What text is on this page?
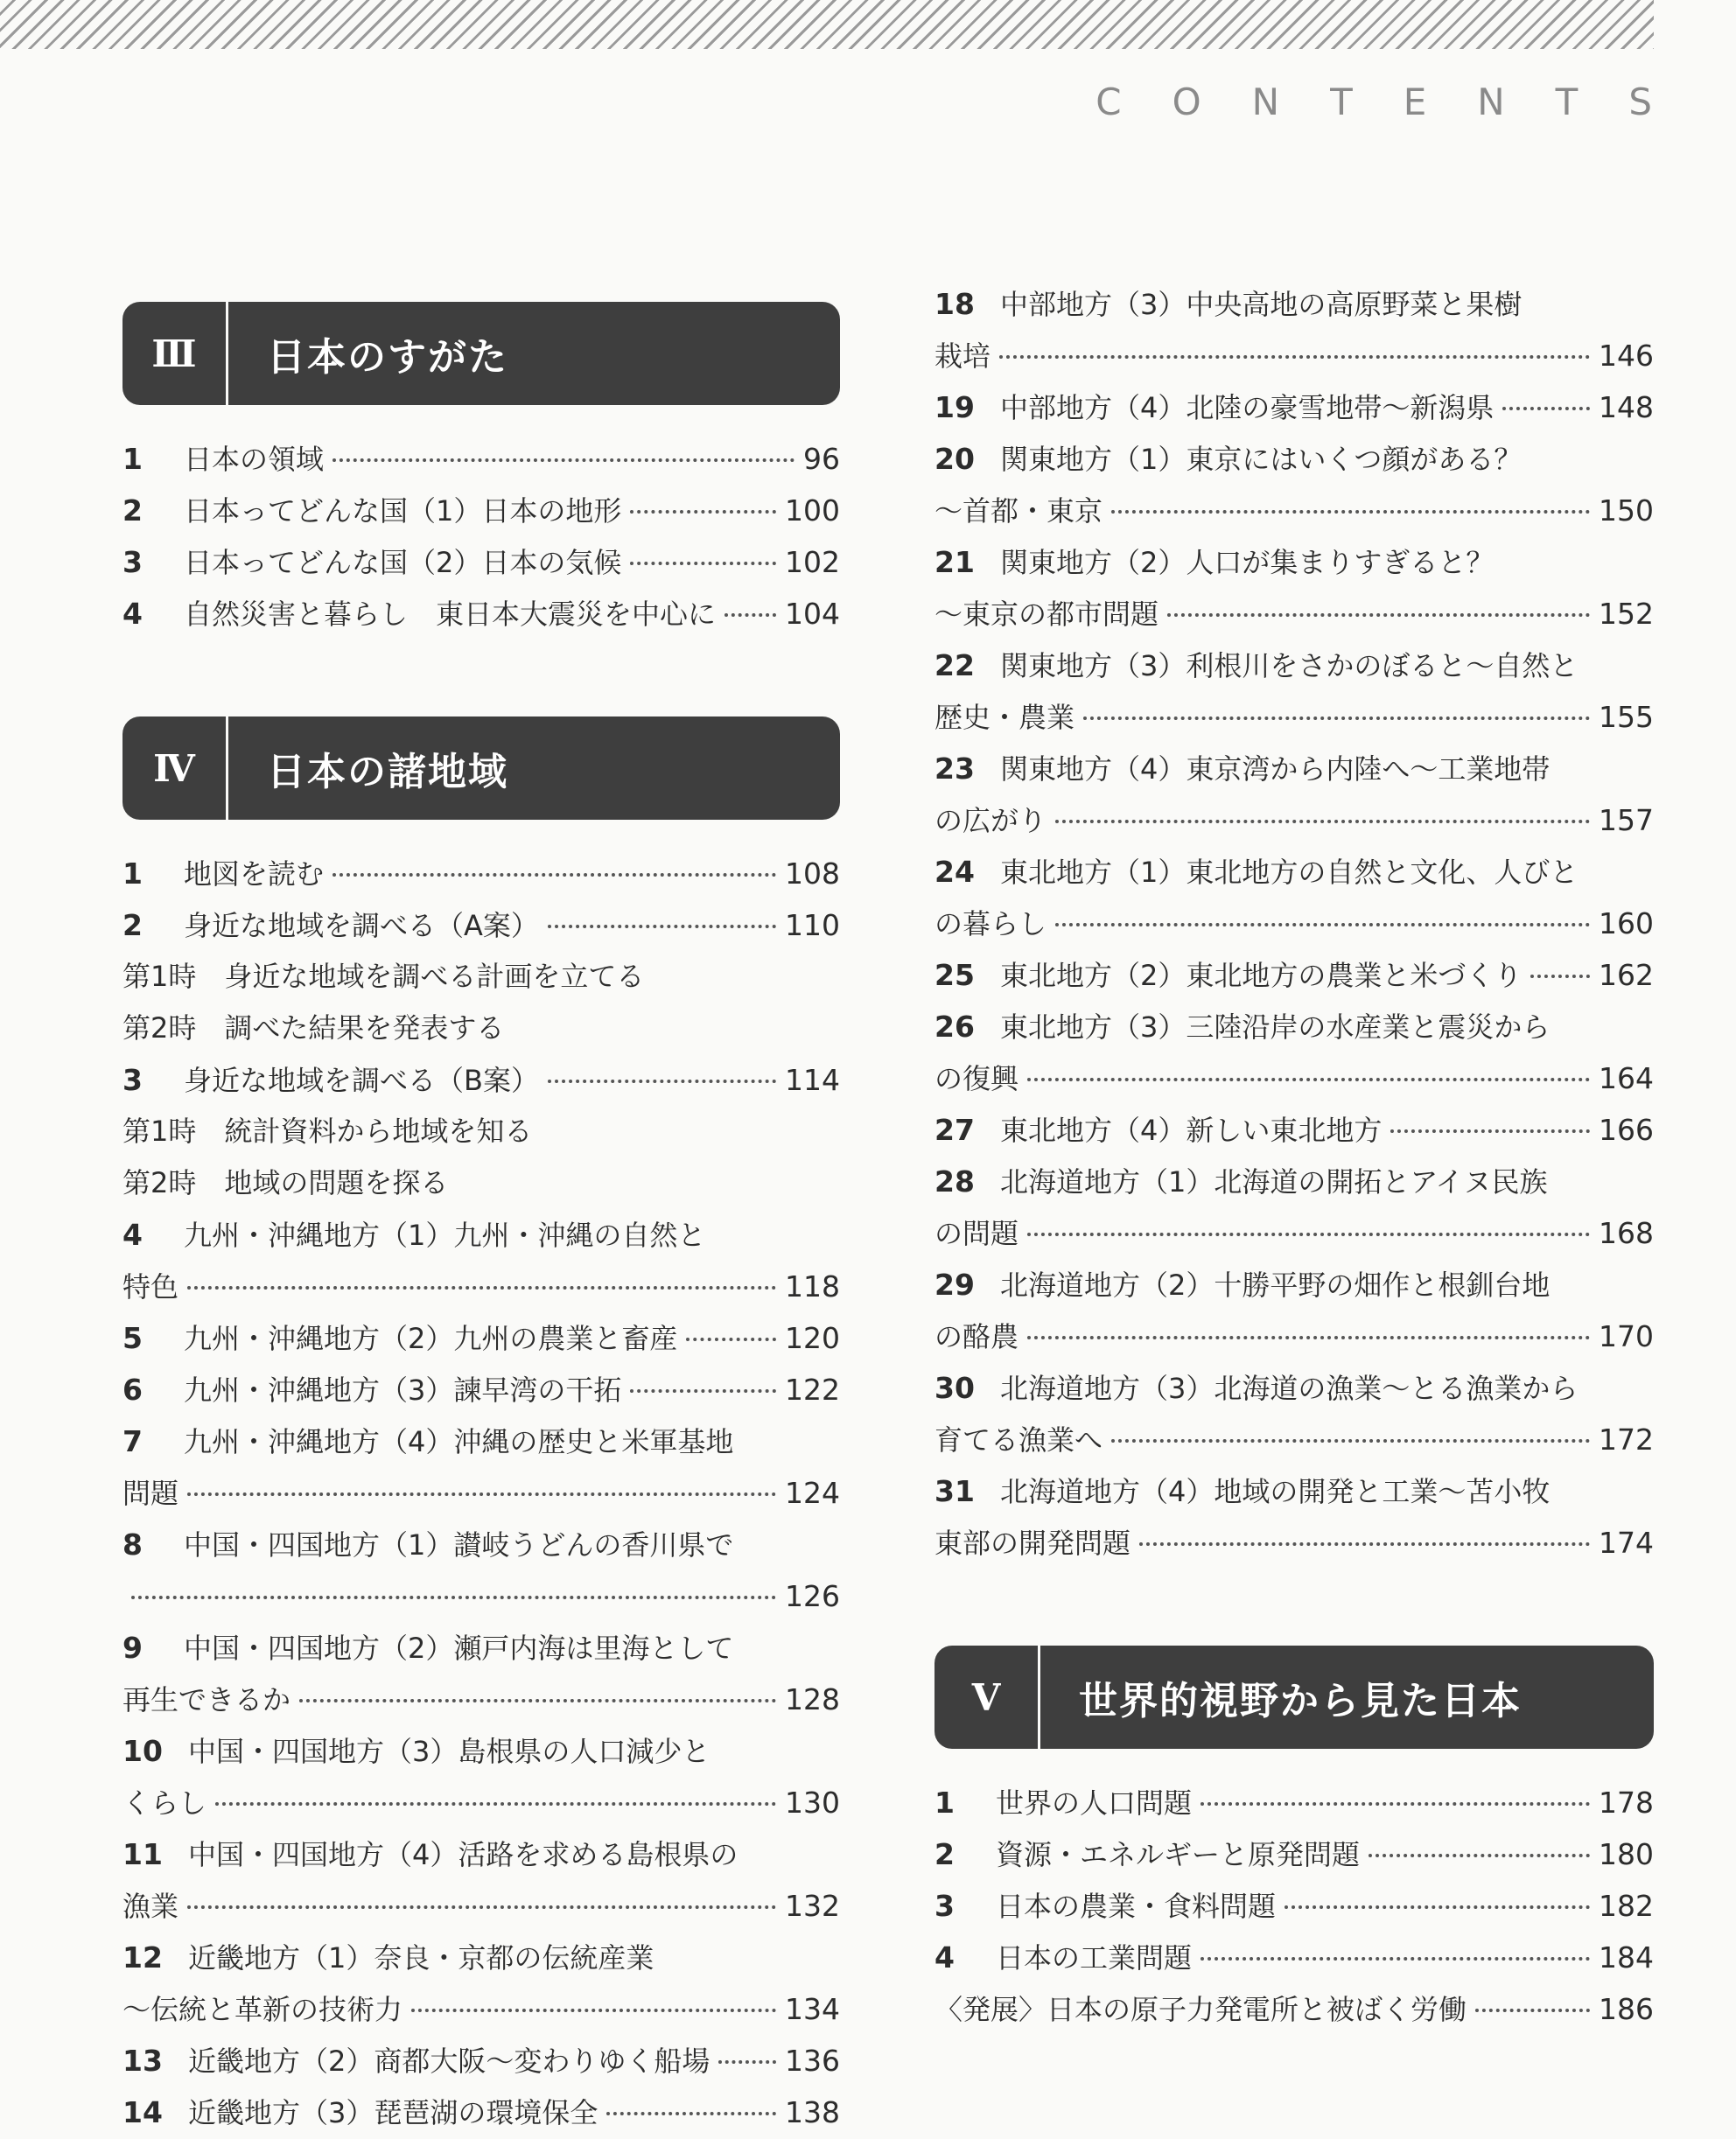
CONTENTS
Ⅲ	日本のすがた
1	日本の領域	96
2	日本ってどんな国（1）日本の地形	100
3	日本ってどんな国（2）日本の気候	102
4	自然災害と暮らし　東日本大震災を中心に 104
Ⅳ	日本の諸地域
1	地図を読む	108
2	身近な地域を調べる（A案）	110
第1時　身近な地域を調べる計画を立てる
第2時　調べた結果を発表する
3	身近な地域を調べる（B案）	114
第1時　統計資料から地域を知る
第2時　地域の問題を探る
4	九州・沖縄地方（1）九州・沖縄の自然と
特色	118
5	九州・沖縄地方（2）九州の農業と畜産	120
6	九州・沖縄地方（3）諫早湾の干拓	122
7	九州・沖縄地方（4）沖縄の歴史と米軍基地
問題	124
8	中国・四国地方（1）讃岐うどんの香川県で
126
9	中国・四国地方（2）瀬戸内海は里海として
再生できるか	128
10 中国・四国地方（3）島根県の人口減少と
くらし	130
11 中国・四国地方（4）活路を求める島根県の
漁業	132
12 近畿地方（1）奈良・京都の伝統産業
〜伝統と革新の技術力	134
13 近畿地方（2）商都大阪〜変わりゆく船場	136
14 近畿地方（3）琵琶湖の環境保全	138
18 中部地方（3）中央高地の高原野菜と果樹
栽培	146
19 中部地方（4）北陸の豪雪地帯〜新潟県	148
20 関東地方（1）東京にはいくつ顔がある？
〜首都・東京	150
21 関東地方（2）人口が集まりすぎると？
〜東京の都市問題	152
22 関東地方（3）利根川をさかのぼると〜自然と
歴史・農業	155
23 関東地方（4）東京湾から内陸へ〜工業地帯
の広がり	157
24 東北地方（1）東北地方の自然と文化、人びと
の暮らし	160
25 東北地方（2）東北地方の農業と米づくり	162
26 東北地方（3）三陸沿岸の水産業と震災から
の復興	164
27 東北地方（4）新しい東北地方	166
28 北海道地方（1）北海道の開拓とアイヌ民族
の問題	168
29 北海道地方（2）十勝平野の畑作と根釧台地
の酪農	170
30 北海道地方（3）北海道の漁業〜とる漁業から
育てる漁業へ	172
31 北海道地方（4）地域の開発と工業〜苫小牧
東部の開発問題	174
Ⅴ	世界的視野から見た日本
1	世界の人口問題	178
2	資源・エネルギーと原発問題	180
3	日本の農業・食料問題	182
4	日本の工業問題	184
〈発展〉日本の原子力発電所と被ばく労働	186
